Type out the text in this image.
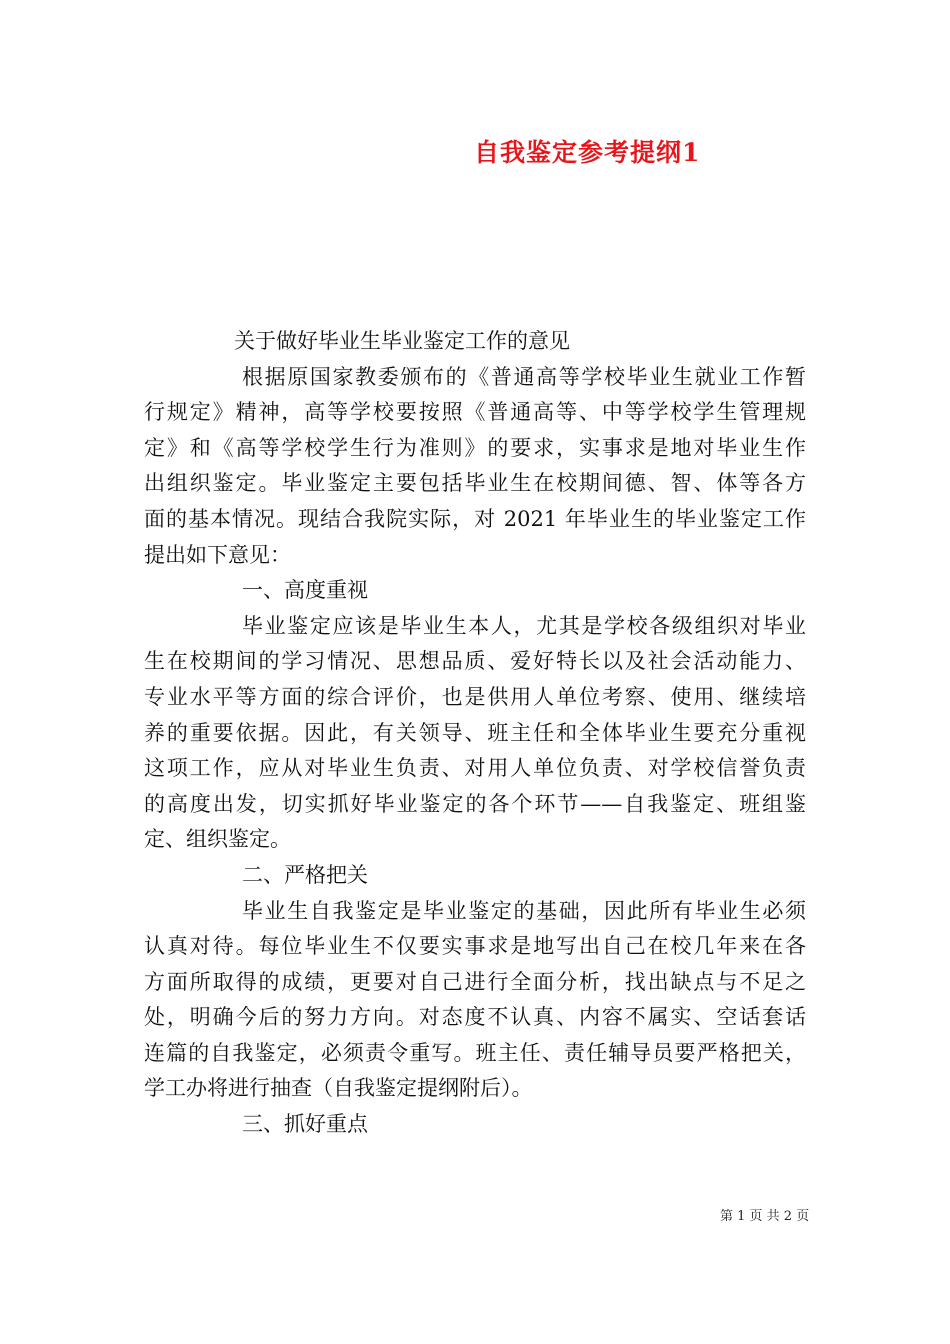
自我鉴定参考提纲1
关于做好毕业生毕业鉴定工作的意见
根据原国家教委颁布的《普通高等学校毕业生就业工作暂
行规定》精神，高等学校要按照《普通高等、中等学校学生管理规
定》和《高等学校学生行为准则》的要求，实事求是地对毕业生作
出组织鉴定。毕业鉴定主要包括毕业生在校期间德、智、体等各方
面的基本情况。现结合我院实际，对 2021 年毕业生的毕业鉴定工作
提出如下意见：
一、高度重视
毕业鉴定应该是毕业生本人，尤其是学校各级组织对毕业
生在校期间的学习情况、思想品质、爱好特长以及社会活动能力、
专业水平等方面的综合评价，也是供用人单位考察、使用、继续培
养的重要依据。因此，有关领导、班主任和全体毕业生要充分重视
这项工作，应从对毕业生负责、对用人单位负责、对学校信誉负责
的高度出发，切实抓好毕业鉴定的各个环节——自我鉴定、班组鉴
定、组织鉴定。
二、严格把关
毕业生自我鉴定是毕业鉴定的基础，因此所有毕业生必须
认真对待。每位毕业生不仅要实事求是地写出自己在校几年来在各
方面所取得的成绩，更要对自己进行全面分析，找出缺点与不足之
处，明确今后的努力方向。对态度不认真、内容不属实、空话套话
连篇的自我鉴定，必须责令重写。班主任、责任辅导员要严格把关，
学工办将进行抽查（自我鉴定提纲附后）。
三、抓好重点
第 1 页 共 2 页
